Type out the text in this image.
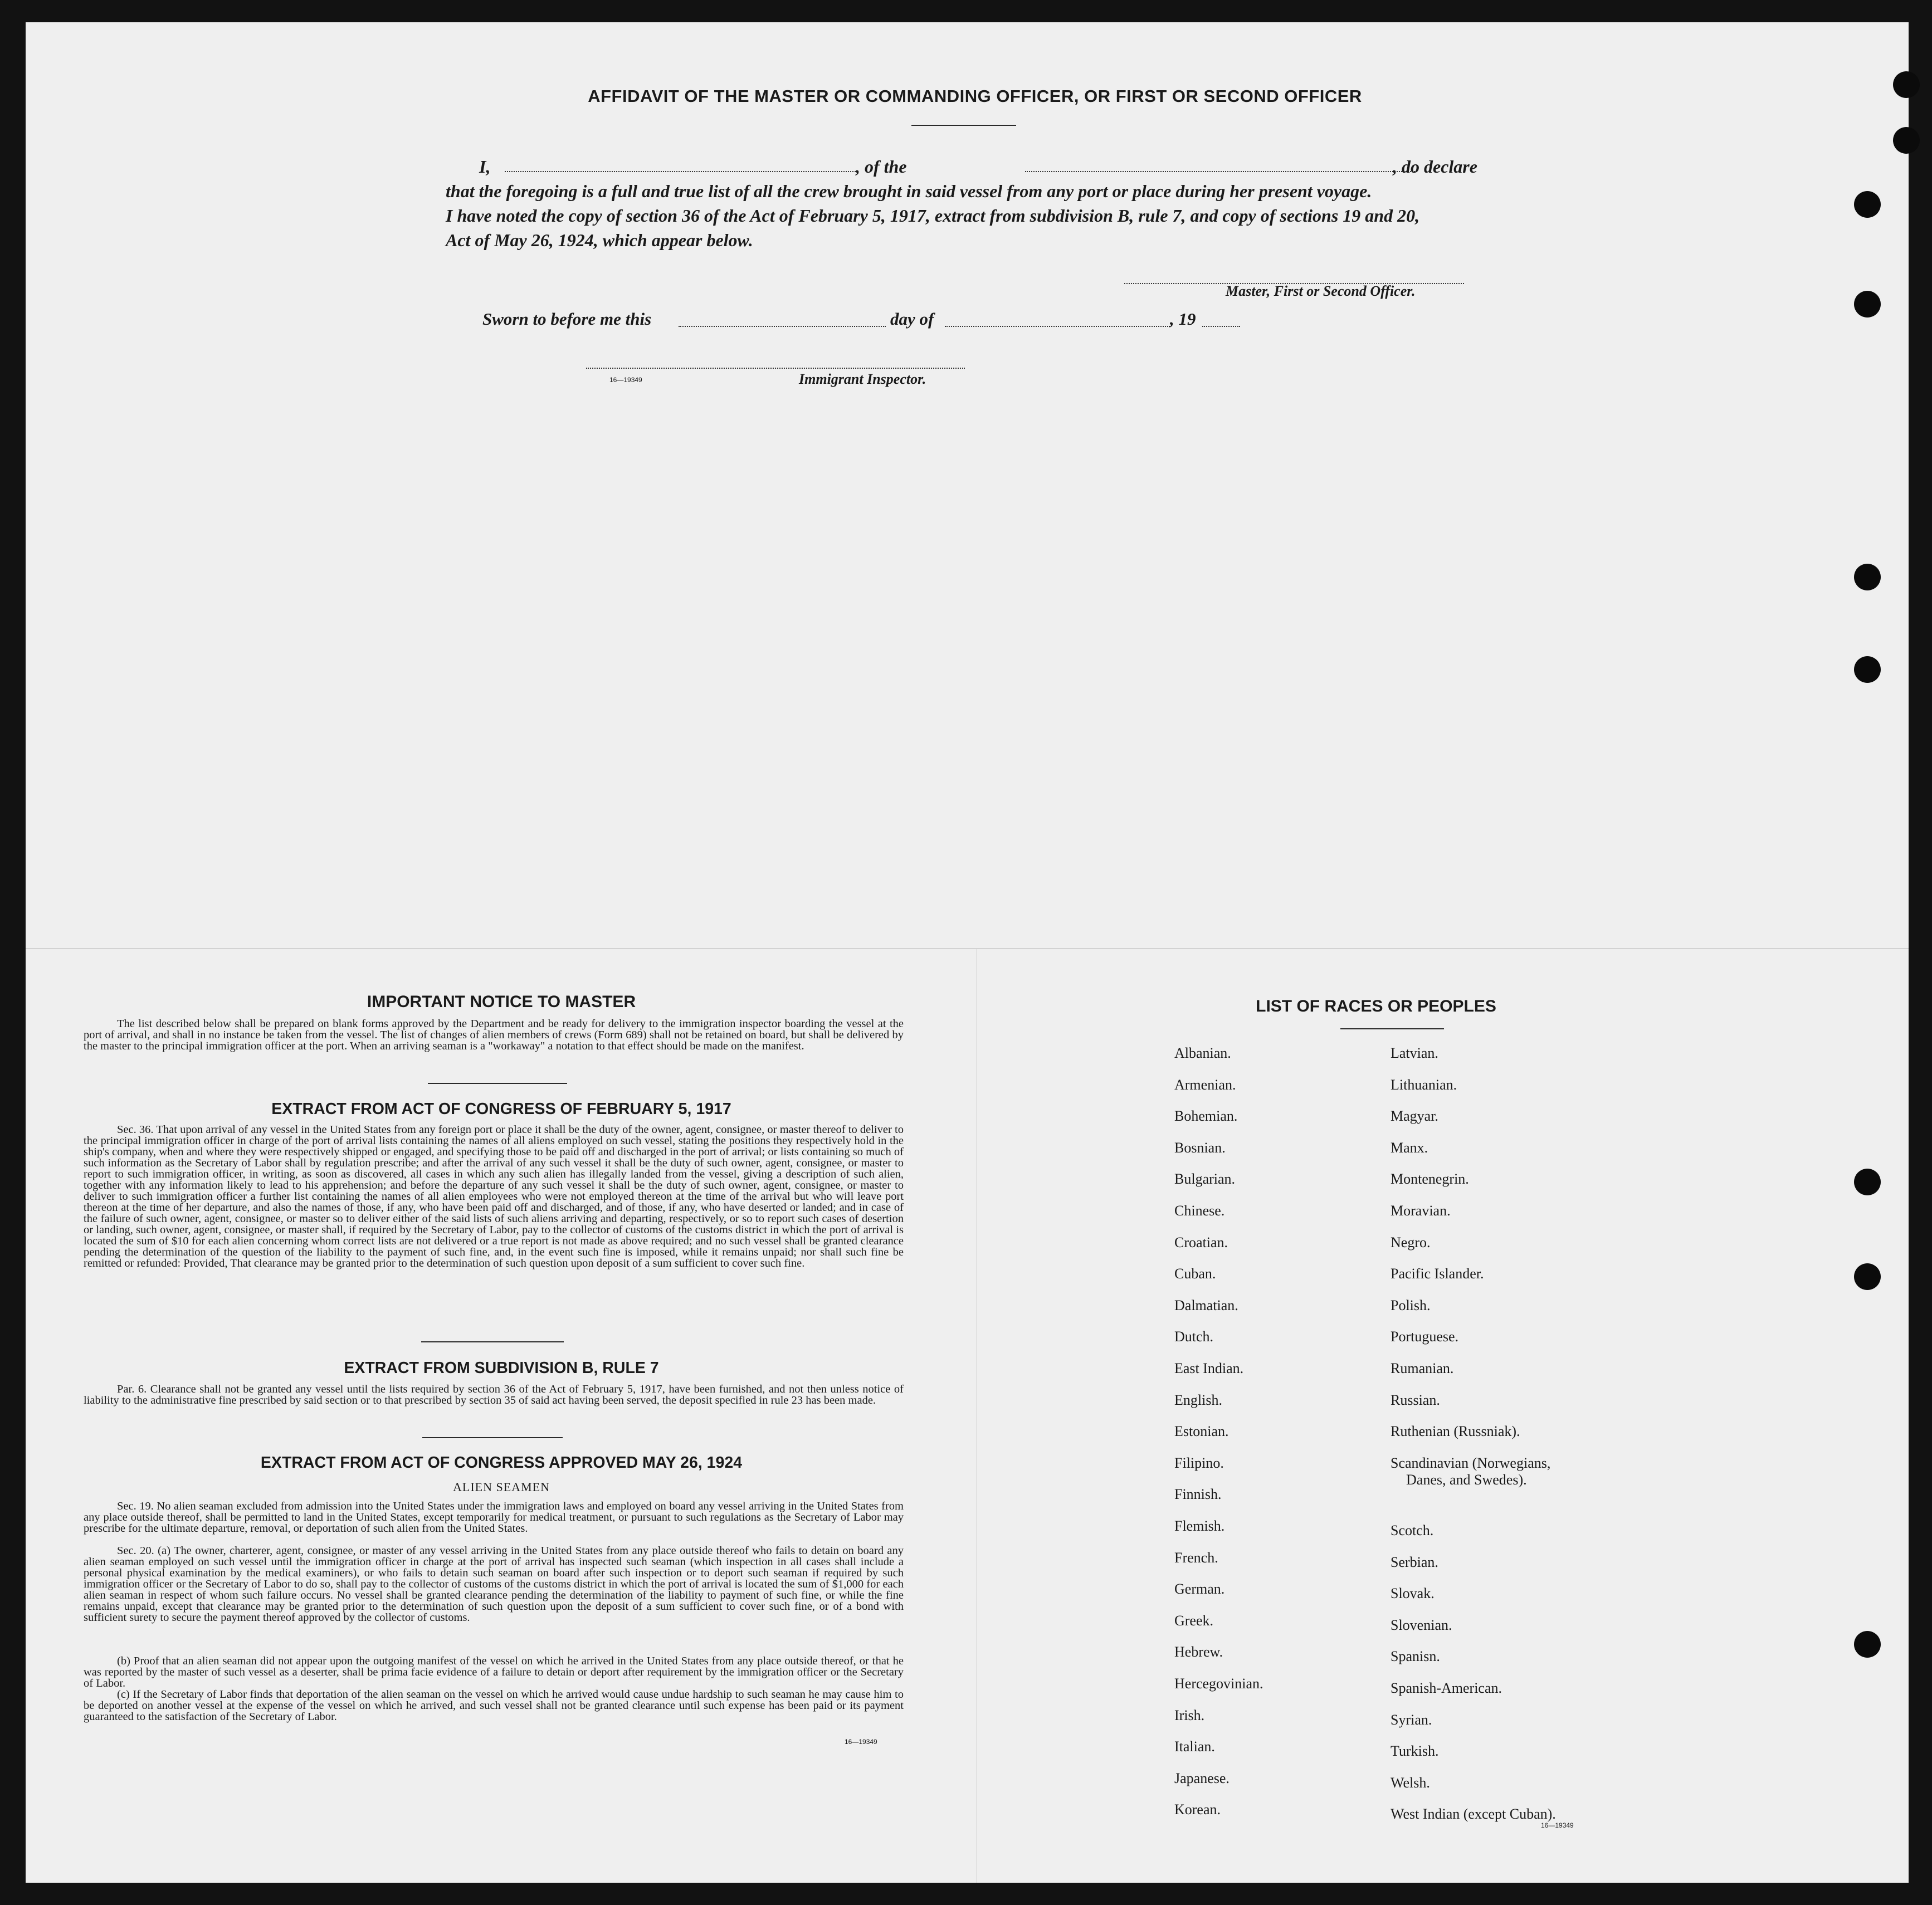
AFFIDAVIT OF THE MASTER OR COMMANDING OFFICER, OR FIRST OR SECOND OFFICER
I,	, of the	, do declare
that the foregoing is a full and true list of all the crew brought in said vessel from any port or place during her present voyage.
I have noted the copy of section 36 of the Act of February 5, 1917, extract from subdivision B, rule 7, and copy of sections 19 and 20,
Act of May 26, 1924, which appear below.
Master, First or Second Officer.
Sworn to before me this	day of	, 19
16—19349	Immigrant Inspector.
IMPORTANT NOTICE TO MASTER
The list described below shall be prepared on blank forms approved by the Department and be ready for delivery to the immigration inspector boarding the vessel at the port of arrival, and shall in no instance be taken from the vessel. The list of changes of alien members of crews (Form 689) shall not be retained on board, but shall be delivered by the master to the principal immigration officer at the port. When an arriving seaman is a "workaway" a notation to that effect should be made on the manifest.
EXTRACT FROM ACT OF CONGRESS OF FEBRUARY 5, 1917
Sec. 36. That upon arrival of any vessel in the United States from any foreign port or place it shall be the duty of the owner, agent, consignee, or master thereof to deliver to the principal immigration officer in charge of the port of arrival lists containing the names of all aliens employed on such vessel, stating the positions they respectively hold in the ship's company, when and where they were respectively shipped or engaged, and specifying those to be paid off and discharged in the port of arrival; or lists containing so much of such information as the Secretary of Labor shall by regulation prescribe; and after the arrival of any such vessel it shall be the duty of such owner, agent, consignee, or master to report to such immigration officer, in writing, as soon as discovered, all cases in which any such alien has illegally landed from the vessel, giving a description of such alien, together with any information likely to lead to his apprehension; and before the departure of any such vessel it shall be the duty of such owner, agent, consignee, or master to deliver to such immigration officer a further list containing the names of all alien employees who were not employed thereon at the time of the arrival but who will leave port thereon at the time of her departure, and also the names of those, if any, who have been paid off and discharged, and of those, if any, who have deserted or landed; and in case of the failure of such owner, agent, consignee, or master so to deliver either of the said lists of such aliens arriving and departing, respectively, or so to report such cases of desertion or landing, such owner, agent, consignee, or master shall, if required by the Secretary of Labor, pay to the collector of customs of the customs district in which the port of arrival is located the sum of $10 for each alien concerning whom correct lists are not delivered or a true report is not made as above required; and no such vessel shall be granted clearance pending the determination of the question of the liability to the payment of such fine, and, in the event such fine is imposed, while it remains unpaid; nor shall such fine be remitted or refunded: Provided, That clearance may be granted prior to the determination of such question upon deposit of a sum sufficient to cover such fine.
EXTRACT FROM SUBDIVISION B, RULE 7
Par. 6. Clearance shall not be granted any vessel until the lists required by section 36 of the Act of February 5, 1917, have been furnished, and not then unless notice of liability to the administrative fine prescribed by said section or to that prescribed by section 35 of said act having been served, the deposit specified in rule 23 has been made.
EXTRACT FROM ACT OF CONGRESS APPROVED MAY 26, 1924
ALIEN SEAMEN
Sec. 19. No alien seaman excluded from admission into the United States under the immigration laws and employed on board any vessel arriving in the United States from any place outside thereof, shall be permitted to land in the United States, except temporarily for medical treatment, or pursuant to such regulations as the Secretary of Labor may prescribe for the ultimate departure, removal, or deportation of such alien from the United States.
Sec. 20. (a) The owner, charterer, agent, consignee, or master of any vessel arriving in the United States from any place outside thereof who fails to detain on board any alien seaman employed on such vessel until the immigration officer in charge at the port of arrival has inspected such seaman (which inspection in all cases shall include a personal physical examination by the medical examiners), or who fails to detain such seaman on board after such inspection or to deport such seaman if required by such immigration officer or the Secretary of Labor to do so, shall pay to the collector of customs of the customs district in which the port of arrival is located the sum of $1,000 for each alien seaman in respect of whom such failure occurs. No vessel shall be granted clearance pending the determination of the liability to payment of such fine, or while the fine remains unpaid, except that clearance may be granted prior to the determination of such question upon the deposit of a sum sufficient to cover such fine, or of a bond with sufficient surety to secure the payment thereof approved by the collector of customs.
(b) Proof that an alien seaman did not appear upon the outgoing manifest of the vessel on which he arrived in the United States from any place outside thereof, or that he was reported by the master of such vessel as a deserter, shall be prima facie evidence of a failure to detain or deport after requirement by the immigration officer or the Secretary of Labor.
(c) If the Secretary of Labor finds that deportation of the alien seaman on the vessel on which he arrived would cause undue hardship to such seaman he may cause him to be deported on another vessel at the expense of the vessel on which he arrived, and such vessel shall not be granted clearance until such expense has been paid or its payment guaranteed to the satisfaction of the Secretary of Labor.
16—19349
LIST OF RACES OR PEOPLES
Albanian.
Armenian.
Bohemian.
Bosnian.
Bulgarian.
Chinese.
Croatian.
Cuban.
Dalmatian.
Dutch.
East Indian.
English.
Estonian.
Filipino.
Finnish.
Flemish.
French.
German.
Greek.
Hebrew.
Hercegovinian.
Irish.
Italian.
Japanese.
Korean.
Latvian.
Lithuanian.
Magyar.
Manx.
Montenegrin.
Moravian.
Negro.
Pacific Islander.
Polish.
Portuguese.
Rumanian.
Russian.
Ruthenian (Russniak).
Scandinavian (Norwegians,
Danes, and Swedes).
Scotch.
Serbian.
Slovak.
Slovenian.
Spanisn.
Spanish-American.
Syrian.
Turkish.
Welsh.
West Indian (except Cuban).
16—19349
